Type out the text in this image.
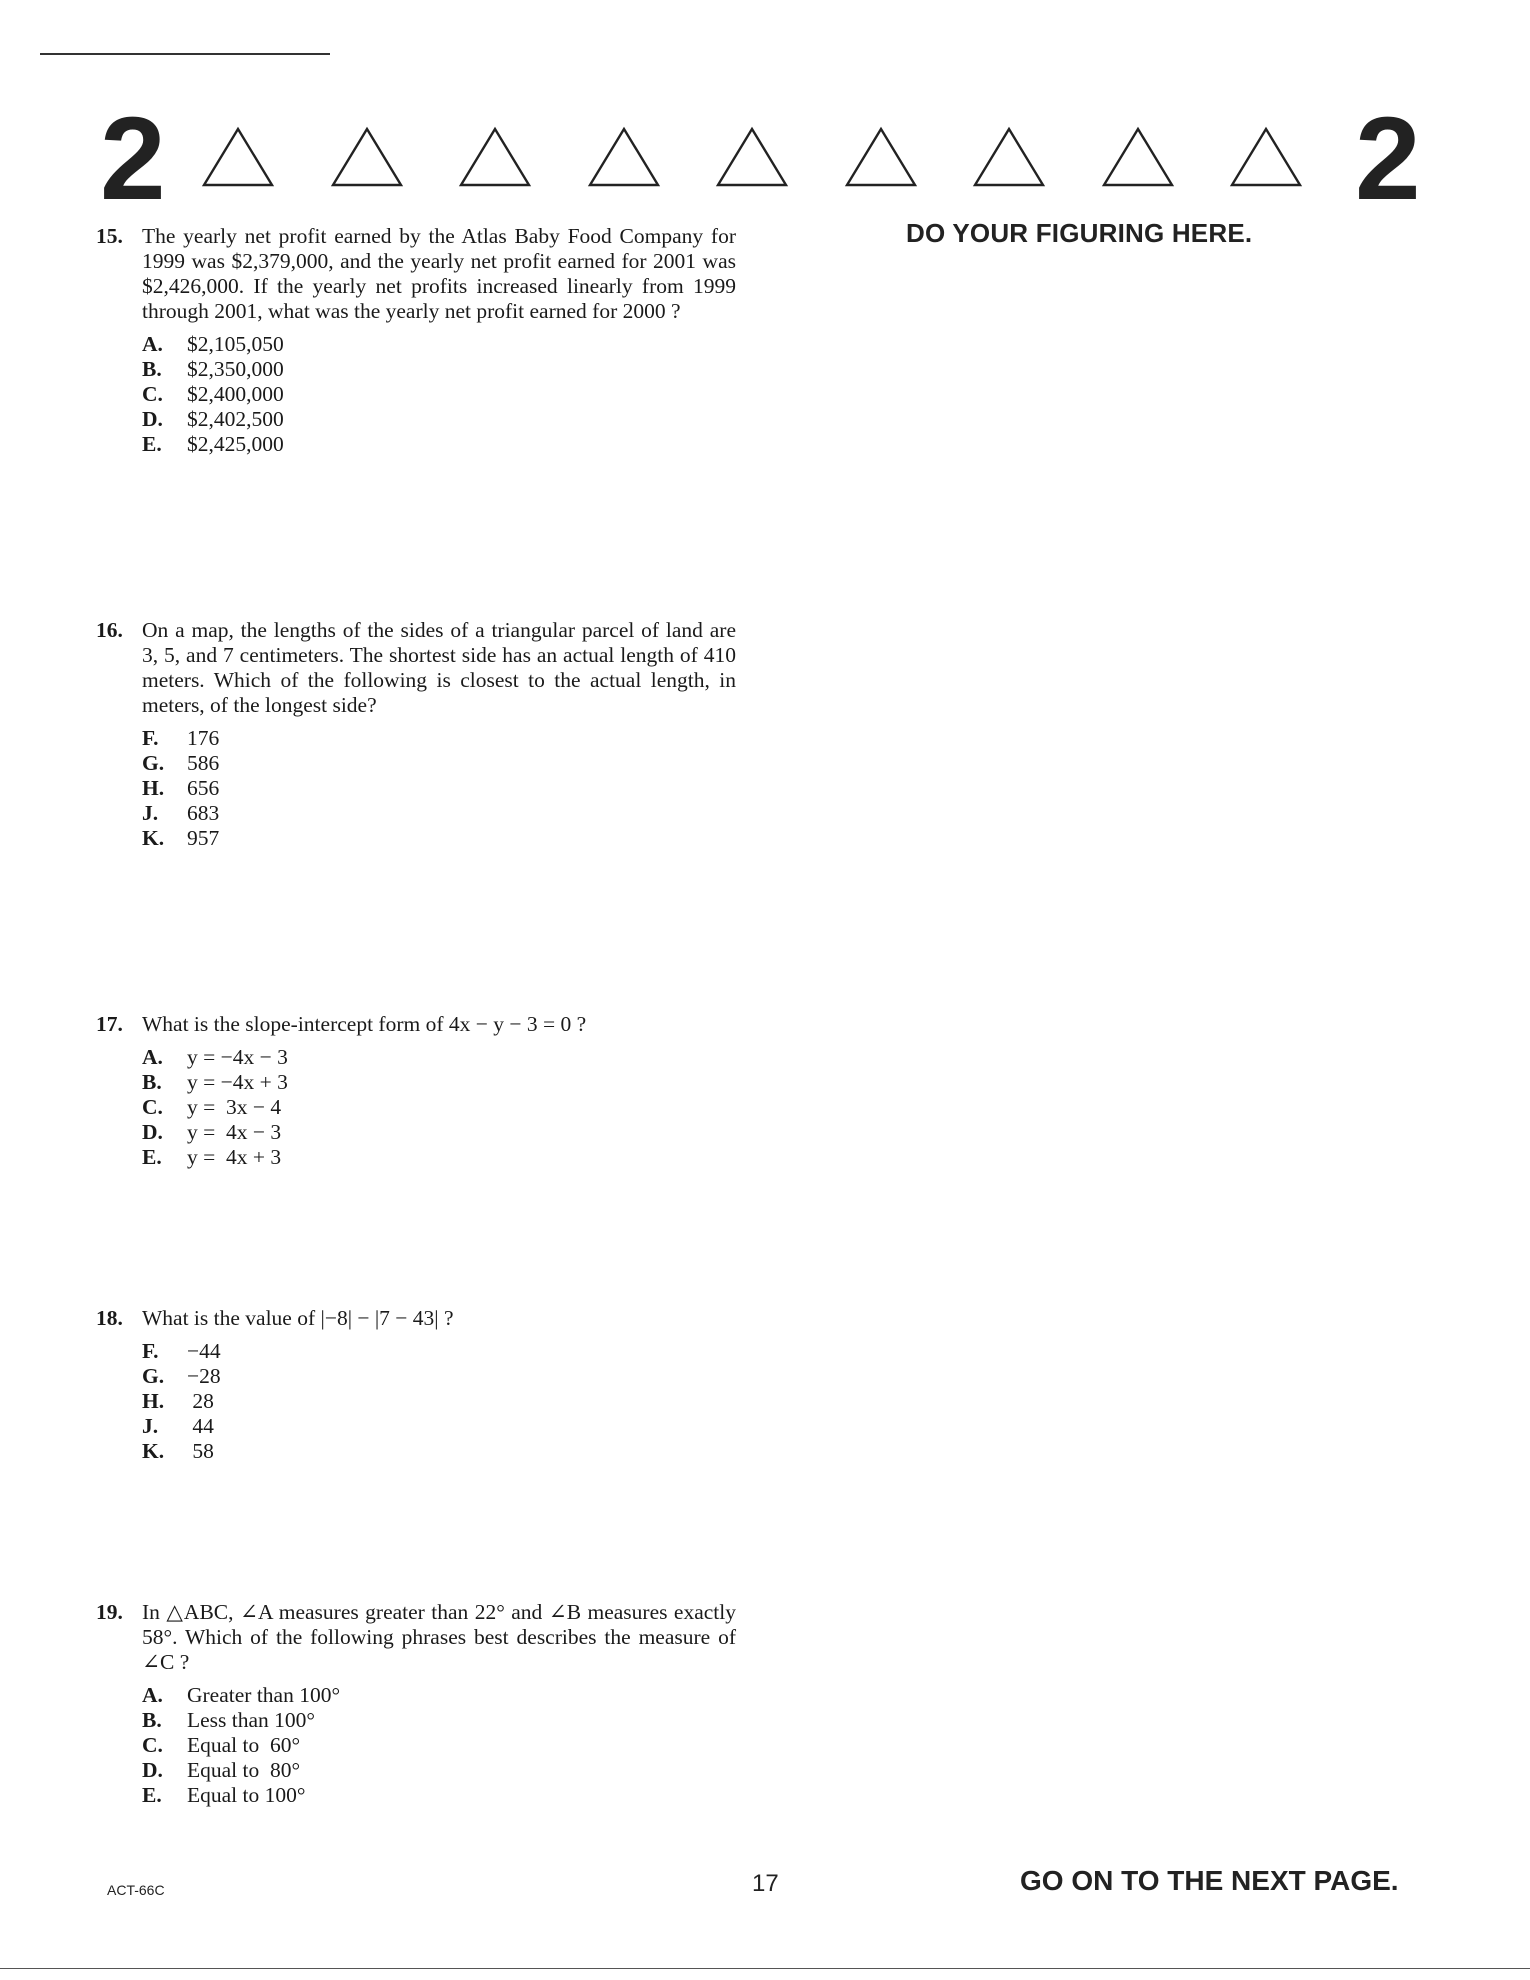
2	2
DO YOUR FIGURING HERE.
15. The yearly net profit earned by the Atlas Baby Food Company for 1999 was $2,379,000, and the yearly net profit earned for 2001 was $2,426,000. If the yearly net profits increased linearly from 1999 through 2001, what was the yearly net profit earned for 2000 ?
A.	$2,105,050
B.	$2,350,000
C.	$2,400,000
D.	$2,402,500
E.	$2,425,000
16. On a map, the lengths of the sides of a triangular parcel of land are 3, 5, and 7 centimeters. The shortest side has an actual length of 410 meters. Which of the following is closest to the actual length, in meters, of the longest side?
F.	176
G.	586
H.	656
J.	683
K.	957
17. What is the slope-intercept form of 4x − y − 3 = 0 ?
A.	y = −4x − 3
B.	y = −4x + 3
C.	y =  3x − 4
D.	y =  4x − 3
E.	y =  4x + 3
18. What is the value of |−8| − |7 − 43| ?
F.	−44
G.	−28
H.	28
J.	44
K.	58
19. In △ABC, ∠A measures greater than 22° and ∠B measures exactly 58°. Which of the following phrases best describes the measure of ∠C ?
A.	Greater than 100°
B.	Less than 100°
C.	Equal to  60°
D.	Equal to  80°
E.	Equal to 100°
ACT-66C	17	GO ON TO THE NEXT PAGE.
